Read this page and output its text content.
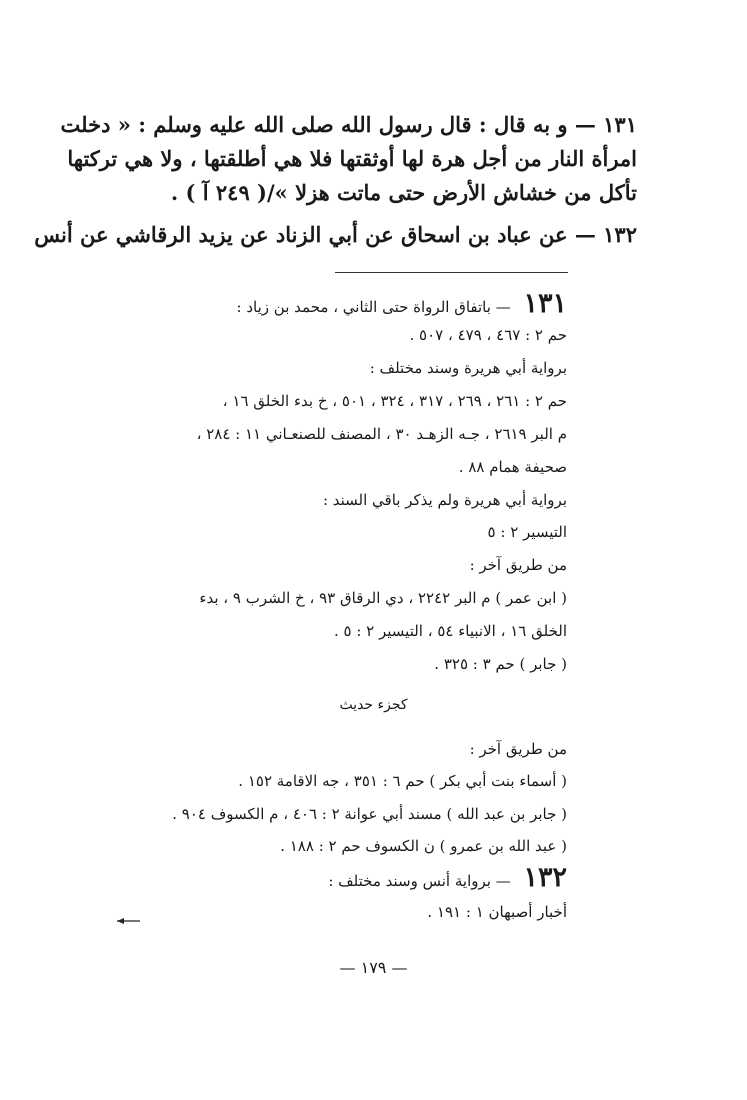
١٣١ — و به قال : قال رسول الله صلى الله عليه وسلم : « دخلت
امرأة النار من أجل هرة لها أوثقتها فلا هي أطلقتها ، ولا هي تركتها
تأكل من خشاش الأرض حتى ماتت هزلا »/( ٢٤٩ آ ) .
١٣٢ — عن عباد بن اسحاق عن أبي الزناد عن يزيد الرقاشي عن أنس
١٣١ — باتفاق الرواة حتى الثاني ، محمد بن زياد :
حم ٢ : ٤٦٧ ، ٤٧٩ ، ٥٠٧ .
برواية أبي هريرة وسند مختلف :
حم ٢ : ٢٦١ ، ٢٦٩ ، ٣١٧ ، ٣٢٤ ، ٥٠١ ، خ بدء الخلق ١٦ ،
م البر ٢٦١٩ ، جـه الزهـد ٣٠ ، المصنف للصنعـاني ١١ : ٢٨٤ ،
صحيفة همام ٨٨ .
برواية أبي هريرة ولم يذكر باقي السند :
التيسير ٢ : ٥
من طريق آخر :
( ابن عمر ) م البر ٢٢٤٢ ، دي الرقاق ٩٣ ، خ الشرب ٩ ، بدء
الخلق ١٦ ، الانبياء ٥٤ ، التيسير ٢ : ٥ .
( جابر ) حم ٣ : ٣٢٥ .
كجزء حديث
من طريق آخر :
( أسماء بنت أبي بكر ) حم ٦ : ٣٥١ ، جه الاقامة ١٥٢ .
( جابر بن عبد الله ) مسند أبي عوانة ٢ : ٤٠٦ ، م الكسوف ٩٠٤ .
( عبد الله بن عمرو ) ن الكسوف حم ٢ : ١٨٨ .
١٣٢ — برواية أنس وسند مختلف :
أخبار أصبهان ١ : ١٩١ .
— ١٧٩ —
